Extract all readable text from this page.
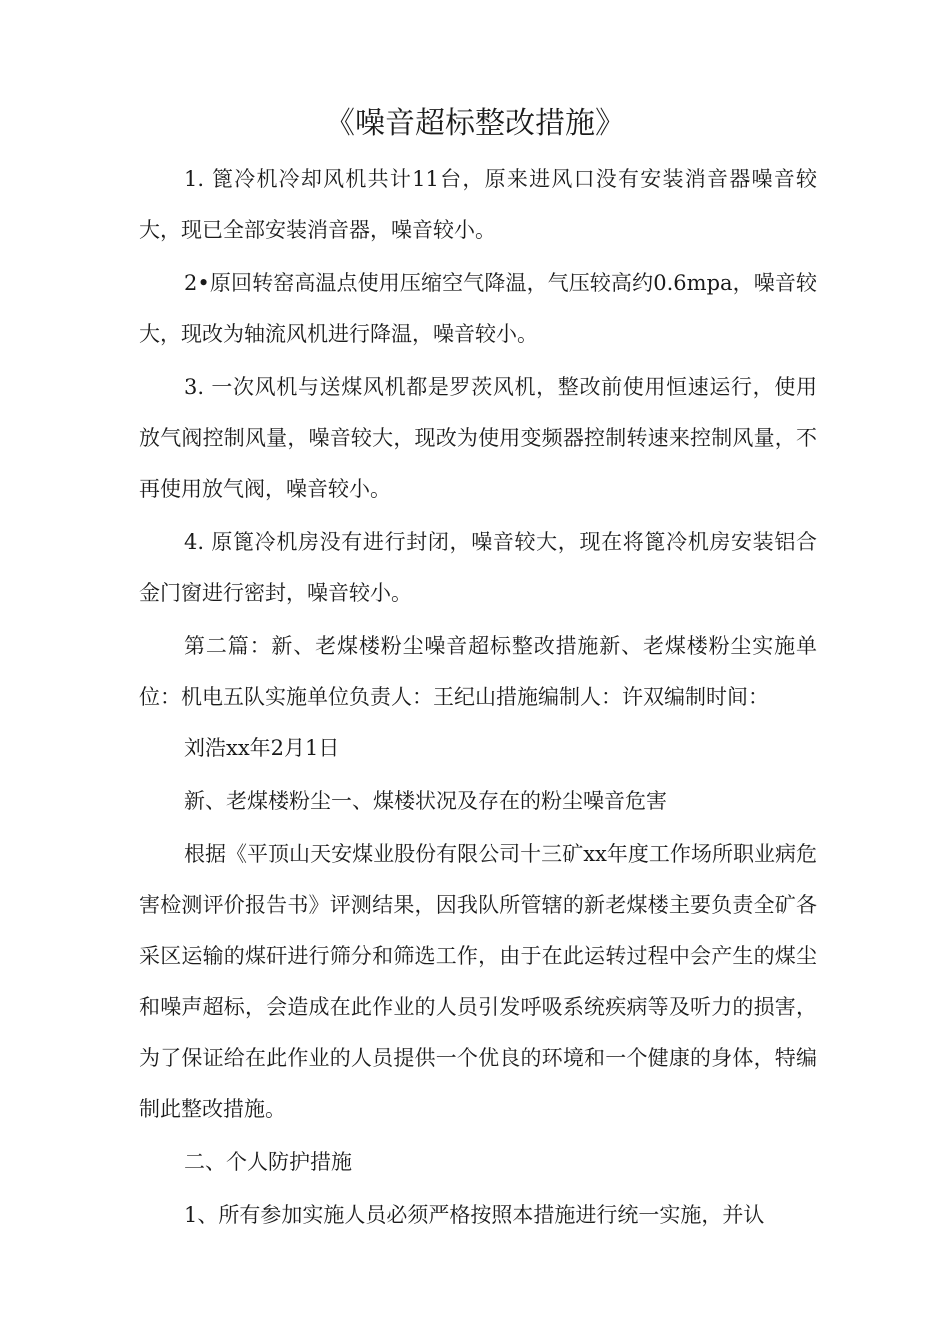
《噪音超标整改措施》

1. 篦冷机冷却风机共计11台，原来进风口没有安装消音器噪音较大，现已全部安装消音器，噪音较小。

2•原回转窑高温点使用压缩空气降温，气压较高约0.6mpa，噪音较大，现改为轴流风机进行降温，噪音较小。

3. 一次风机与送煤风机都是罗茨风机，整改前使用恒速运行，使用放气阀控制风量，噪音较大，现改为使用变频器控制转速来控制风量，不再使用放气阀，噪音较小。

4. 原篦冷机房没有进行封闭，噪音较大，现在将篦冷机房安装铝合金门窗进行密封，噪音较小。

第二篇：新、老煤楼粉尘噪音超标整改措施新、老煤楼粉尘实施单位：机电五队实施单位负责人：王纪山措施编制人：许双编制时间：

刘浩xx年2月1日

新、老煤楼粉尘一、煤楼状况及存在的粉尘噪音危害

根据《平顶山天安煤业股份有限公司十三矿xx年度工作场所职业病危害检测评价报告书》评测结果，因我队所管辖的新老煤楼主要负责全矿各采区运输的煤矸进行筛分和筛选工作，由于在此运转过程中会产生的煤尘和噪声超标，会造成在此作业的人员引发呼吸系统疾病等及听力的损害，为了保证给在此作业的人员提供一个优良的环境和一个健康的身体，特编制此整改措施。

二、个人防护措施

1、所有参加实施人员必须严格按照本措施进行统一实施，并认
